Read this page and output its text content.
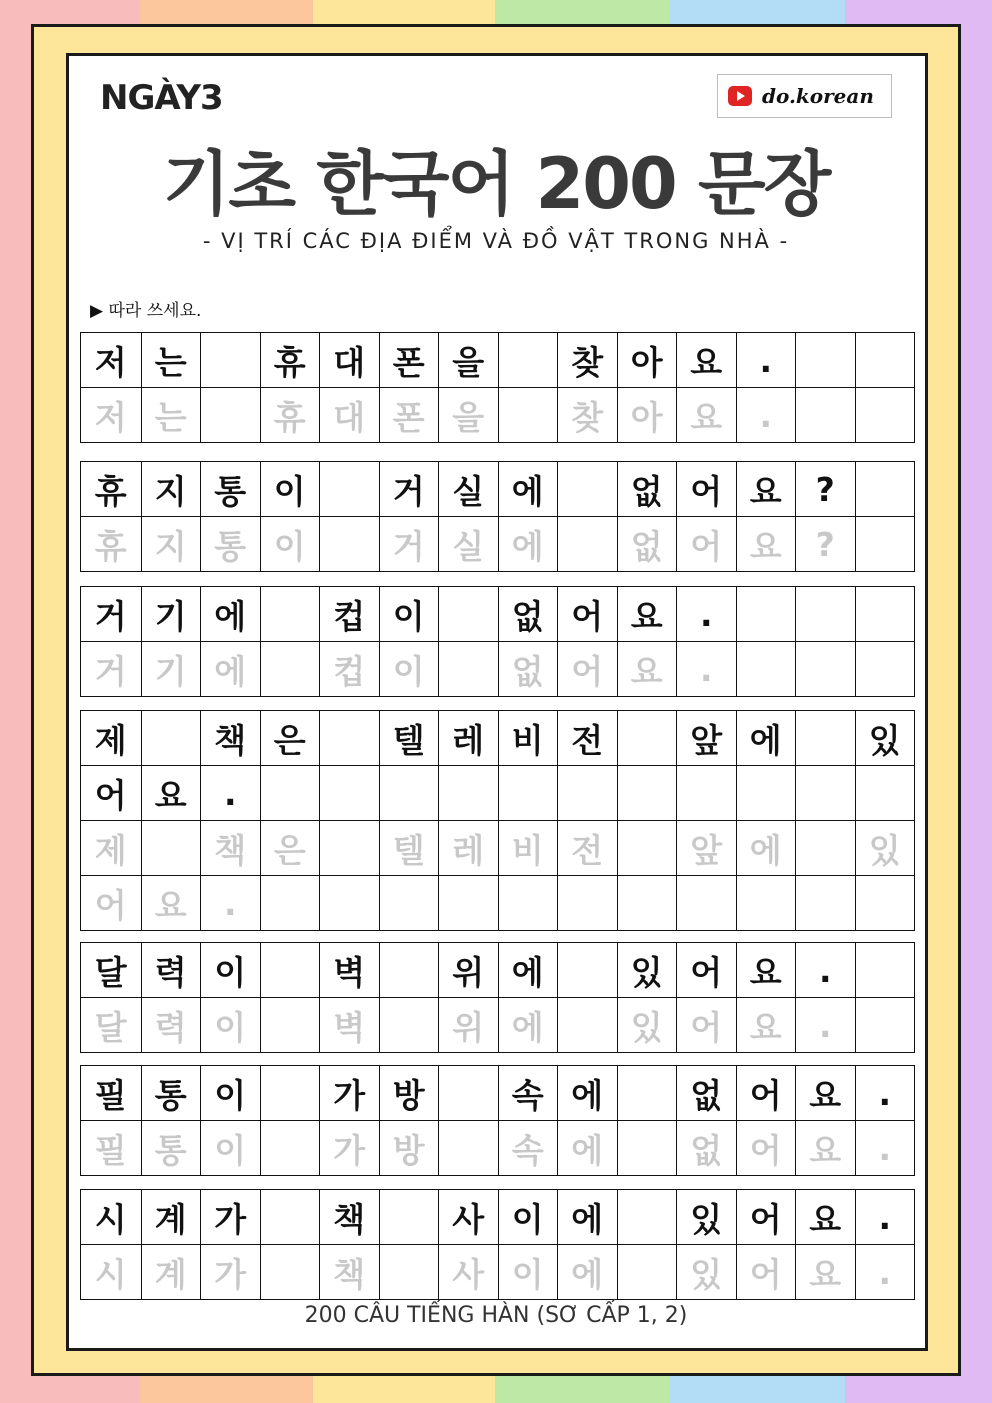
NGÀY3	do.korean
기초 한국어 200 문장
- VỊ TRÍ CÁC ĐỊA ĐIỂM VÀ ĐỒ VẬT TRONG NHÀ -
▶ 따라 쓰세요.
저 는	휴 대 폰 을	찾 아 요	.
저 는	휴 대 폰 을	찾 아 요	.
휴 지 통 이	거 실 에	없 어 요	?
휴 지 통 이	거 실 에	없 어 요	?
거 기 에	컵 이	없 어 요	.
거 기 에	컵 이	없 어 요	.
제	책 은	텔 레 비 전	앞 에	있
어 요	.
제	책 은	텔 레 비 전	앞 에	있
어 요	.
달 력 이	벽	위 에	있 어 요	.
달 력 이	벽	위 에	있 어 요	.
필 통 이	가 방	속 에	없 어 요	.
필 통 이	가 방	속 에	없 어 요	.
시 계 가	책	사 이 에	있 어 요	.
시 계 가	책	사 이 에	있 어 요	.
200 CÂU TIẾNG HÀN (SƠ CẤP 1, 2)
